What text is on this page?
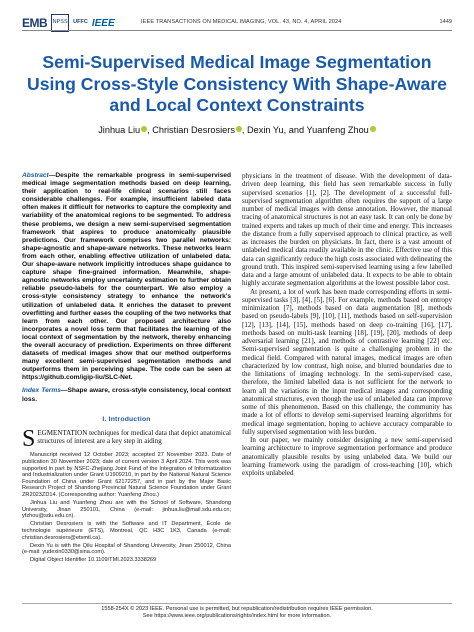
EMB NPSS UFFC IEEE	IEEE TRANSACTIONS ON MEDICAL IMAGING, VOL. 43, NO. 4, APRIL 2024	1449
Semi-Supervised Medical Image Segmentation Using Cross-Style Consistency With Shape-Aware and Local Context Constraints
Jinhua Liu , Christian Desrosiers , Dexin Yu, and Yuanfeng Zhou

Abstract—Despite the remarkable progress in semi-supervised medical image segmentation methods based on deep learning, their application to real-life clinical scenarios still faces considerable challenges. For example, insufficient labeled data often makes it difficult for networks to capture the complexity and variability of the anatomical regions to be segmented. To address these problems, we design a new semi-supervised segmentation framework that aspires to produce anatomically plausible predictions. Our framework comprises two parallel networks: shape-agnostic and shape-aware networks. These networks learn from each other, enabling effective utilization of unlabeled data. Our shape-aware network implicitly introduces shape guidance to capture shape fine-grained information. Meanwhile, shape-agnostic networks employ uncertainty estimation to further obtain reliable pseudo-labels for the counterpart. We also employ a cross-style consistency strategy to enhance the network's utilization of unlabeled data. It enriches the dataset to prevent overfitting and further eases the coupling of the two networks that learn from each other. Our proposed architecture also incorporates a novel loss term that facilitates the learning of the local context of segmentation by the network, thereby enhancing the overall accuracy of prediction. Experiments on three different datasets of medical images show that our method outperforms many excellent semi-supervised segmentation methods and outperforms them in perceiving shape. The code can be seen at https://github.com/igip-liu/SLC-Net.

Index Terms—Shape aware, cross-style consistency, local context loss.

I. Introduction

SEGMENTATION techniques for medical data that depict anatomical structures of interest are a key step in aiding

Manuscript received 12 October 2023; accepted 27 November 2023. Date of publication 30 November 2023; date of current version 3 April 2024. This work was supported in part by NSFC-Zhejiang Joint Fund of the Integration of Informatization and Industrialization under Grant U1909210, in part by the National Natural Science Foundation of China under Grant 62172257, and in part by the Major Basic Research Project of Shandong Provincial Natural Science Foundation under Grant ZR2023ZD14. (Corresponding author: Yuanfeng Zhou.)

Jinhua Liu and Yuanfeng Zhou are with the School of Software, Shandong University, Jinan 250101, China (e-mail: jinhua.liu@mail.sdu.edu.cn; yfzhou@sdu.edu.cn).

Christian Desrosiers is with the Software and IT Department, École de technologie supérieure (ETS), Montreal, QC H3C 1K3, Canada (e-mail: christian.desrosiers@etsmtl.ca).

Dexin Yu is with the Qilu Hospital of Shandong University, Jinan 250012, China (e-mail: yudexin0330@sina.com).

Digital Object Identifier 10.1109/TMI.2023.3338269

physicians in the treatment of disease. With the development of data-driven deep learning, this field has seen remarkable success in fully supervised scenarios [1], [2]. The development of a successful full-supervised segmentation algorithm often requires the support of a large number of medical images with dense annotation. However, the manual tracing of anatomical structures is not an easy task. It can only be done by trained experts and takes up much of their time and energy. This increases the distance from a fully supervised approach to clinical practice, as well as increases the burden on physicians. In fact, there is a vast amount of unlabeled medical data readily available in the clinic. Effective use of this data can significantly reduce the high costs associated with delineating the ground truth. This inspired semi-supervised learning using a few labelled data and a large amount of unlabeled data. It expects to be able to obtain highly accurate segmentation algorithms at the lowest possible labor cost.

At present, a lot of work has been made corresponding efforts in semi-supervised tasks [3], [4], [5], [6]. For example, methods based on entropy minimization [7], methods based on data augmentation [8], methods based on pseudo-labels [9], [10], [11], methods based on self-supervision [12], [13], [14], [15], methods based on deep co-training [16], [17], methods based on multi-task learning [18], [19], [20], methods of deep adversarial learning [21], and methods of contrastive learning [22] etc. Semi-supervised segmentation is quite a challenging problem in the medical field. Compared with natural images, medical images are often characterized by low contrast, high noise, and blurred boundaries due to the limitations of imaging technology. In the semi-supervised case, therefore, the limited labelled data is not sufficient for the network to learn all the variations in the input medical images and corresponding anatomical structures, even though the use of unlabeled data can improve some of this phenomenon. Based on this challenge, the community has made a lot of efforts to develop semi-supervised learning algorithms for medical image segmentation, hoping to achieve accuracy comparable to fully supervised segmentation with less burden.

In our paper, we mainly consider designing a new semi-supervised learning architecture to improve segmentation performance and produce anatomically plausible results by using unlabeled data. We build our learning framework using the paradigm of cross-teaching [10], which exploits unlabeled

1558-254X © 2023 IEEE. Personal use is permitted, but republication/redistribution requires IEEE permission.
See https://www.ieee.org/publications/rights/index.html for more information.
